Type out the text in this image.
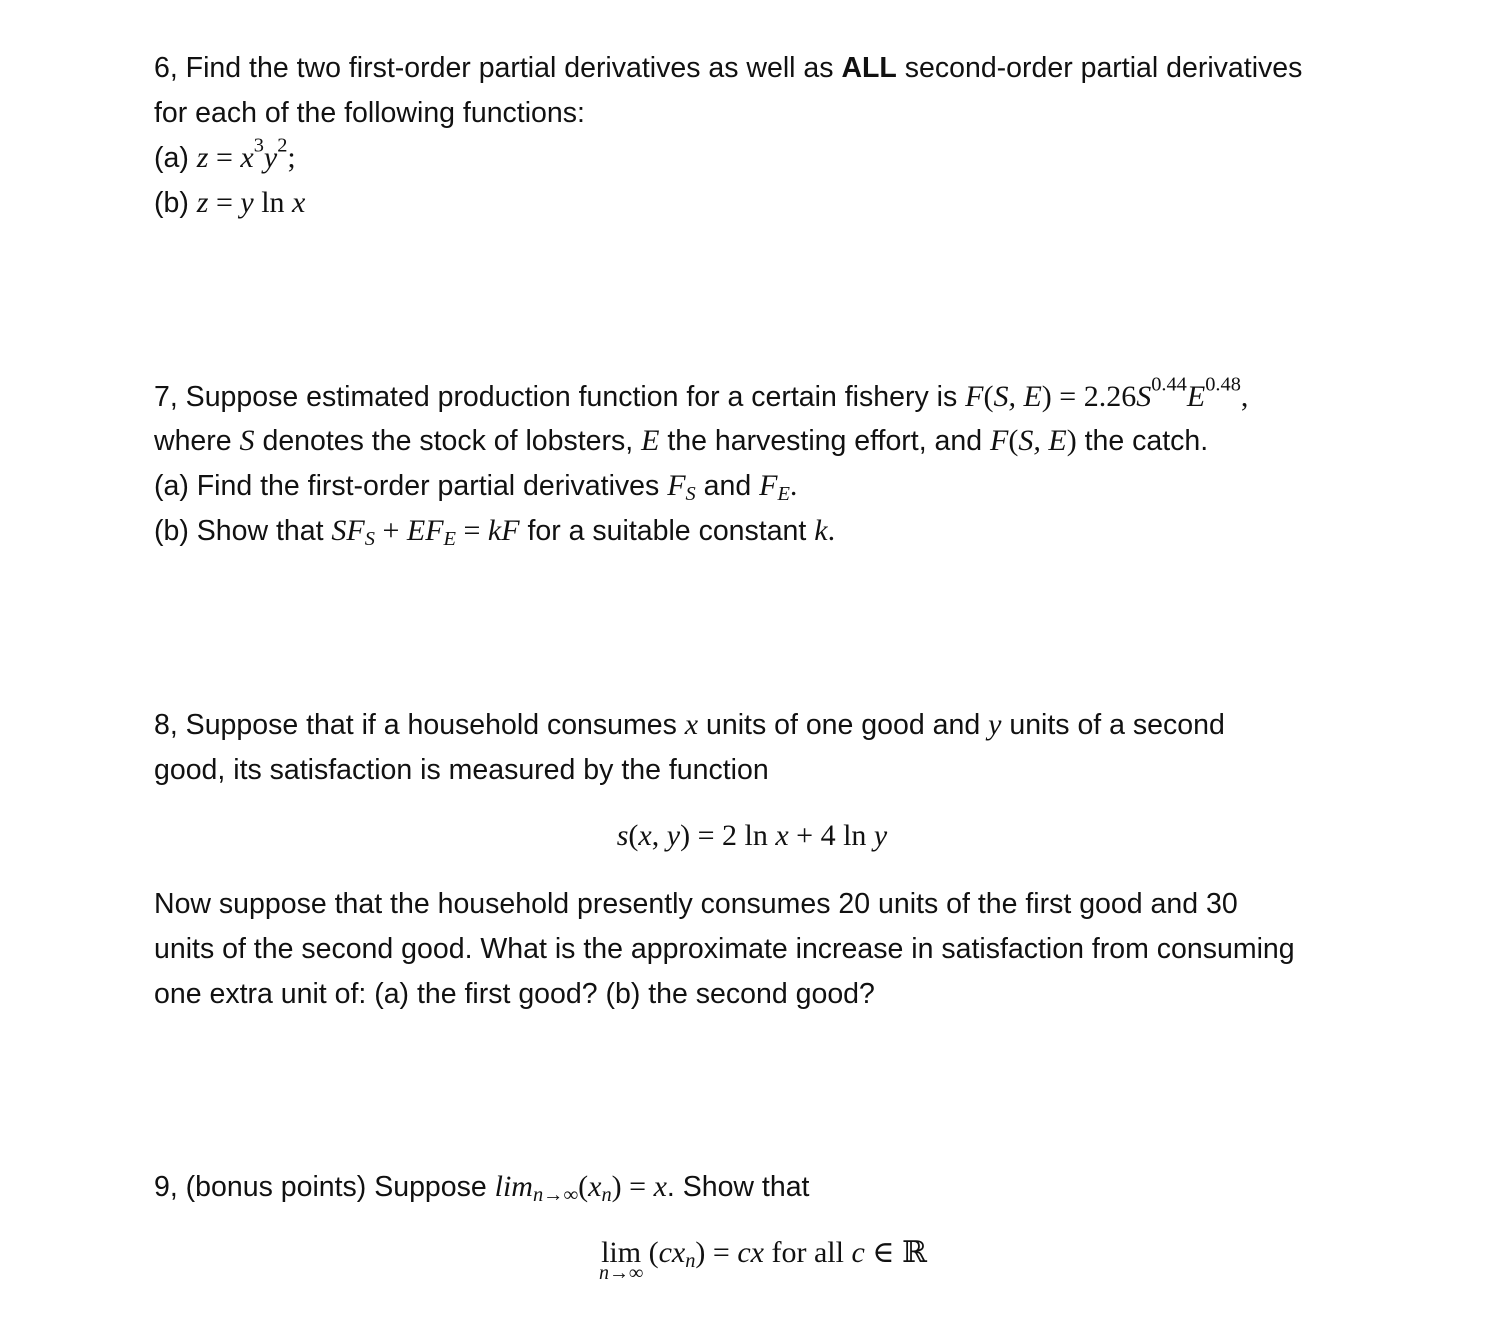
6, Find the two first-order partial derivatives as well as ALL second-order partial derivatives
for each of the following functions:
(a) $z = x^3y^2$;
(b) z = y ln x
7, Suppose estimated production function for a certain fishery is F(S, $E) = 2.26S^{0.44}E^{0.48}$,
where S denotes the stock of lobsters, E the harvesting effort, and F(S, E) the catch.
(a) Find the first-order partial derivatives $F_S$ and $F_E$.
(b) Show that $SF_S + EF_E$ = kF for a suitable constant k.
8, Suppose that if a household consumes x units of one good and y units of a second
good, its satisfaction is measured by the function
s(x, y) = 2 ln x + 4 ln y
Now suppose that the household presently consumes 20 units of the first good and 30
units of the second good. What is the approximate increase in satisfaction from consuming
one extra unit of: (a) the first good? (b) the second good?
9, (bonus points) Suppose $\lim_{n\to\infty}(x_n) = x$. Show that
lim
n→∞
$(cx_n)$ = cx for all c ∈ ℝ
